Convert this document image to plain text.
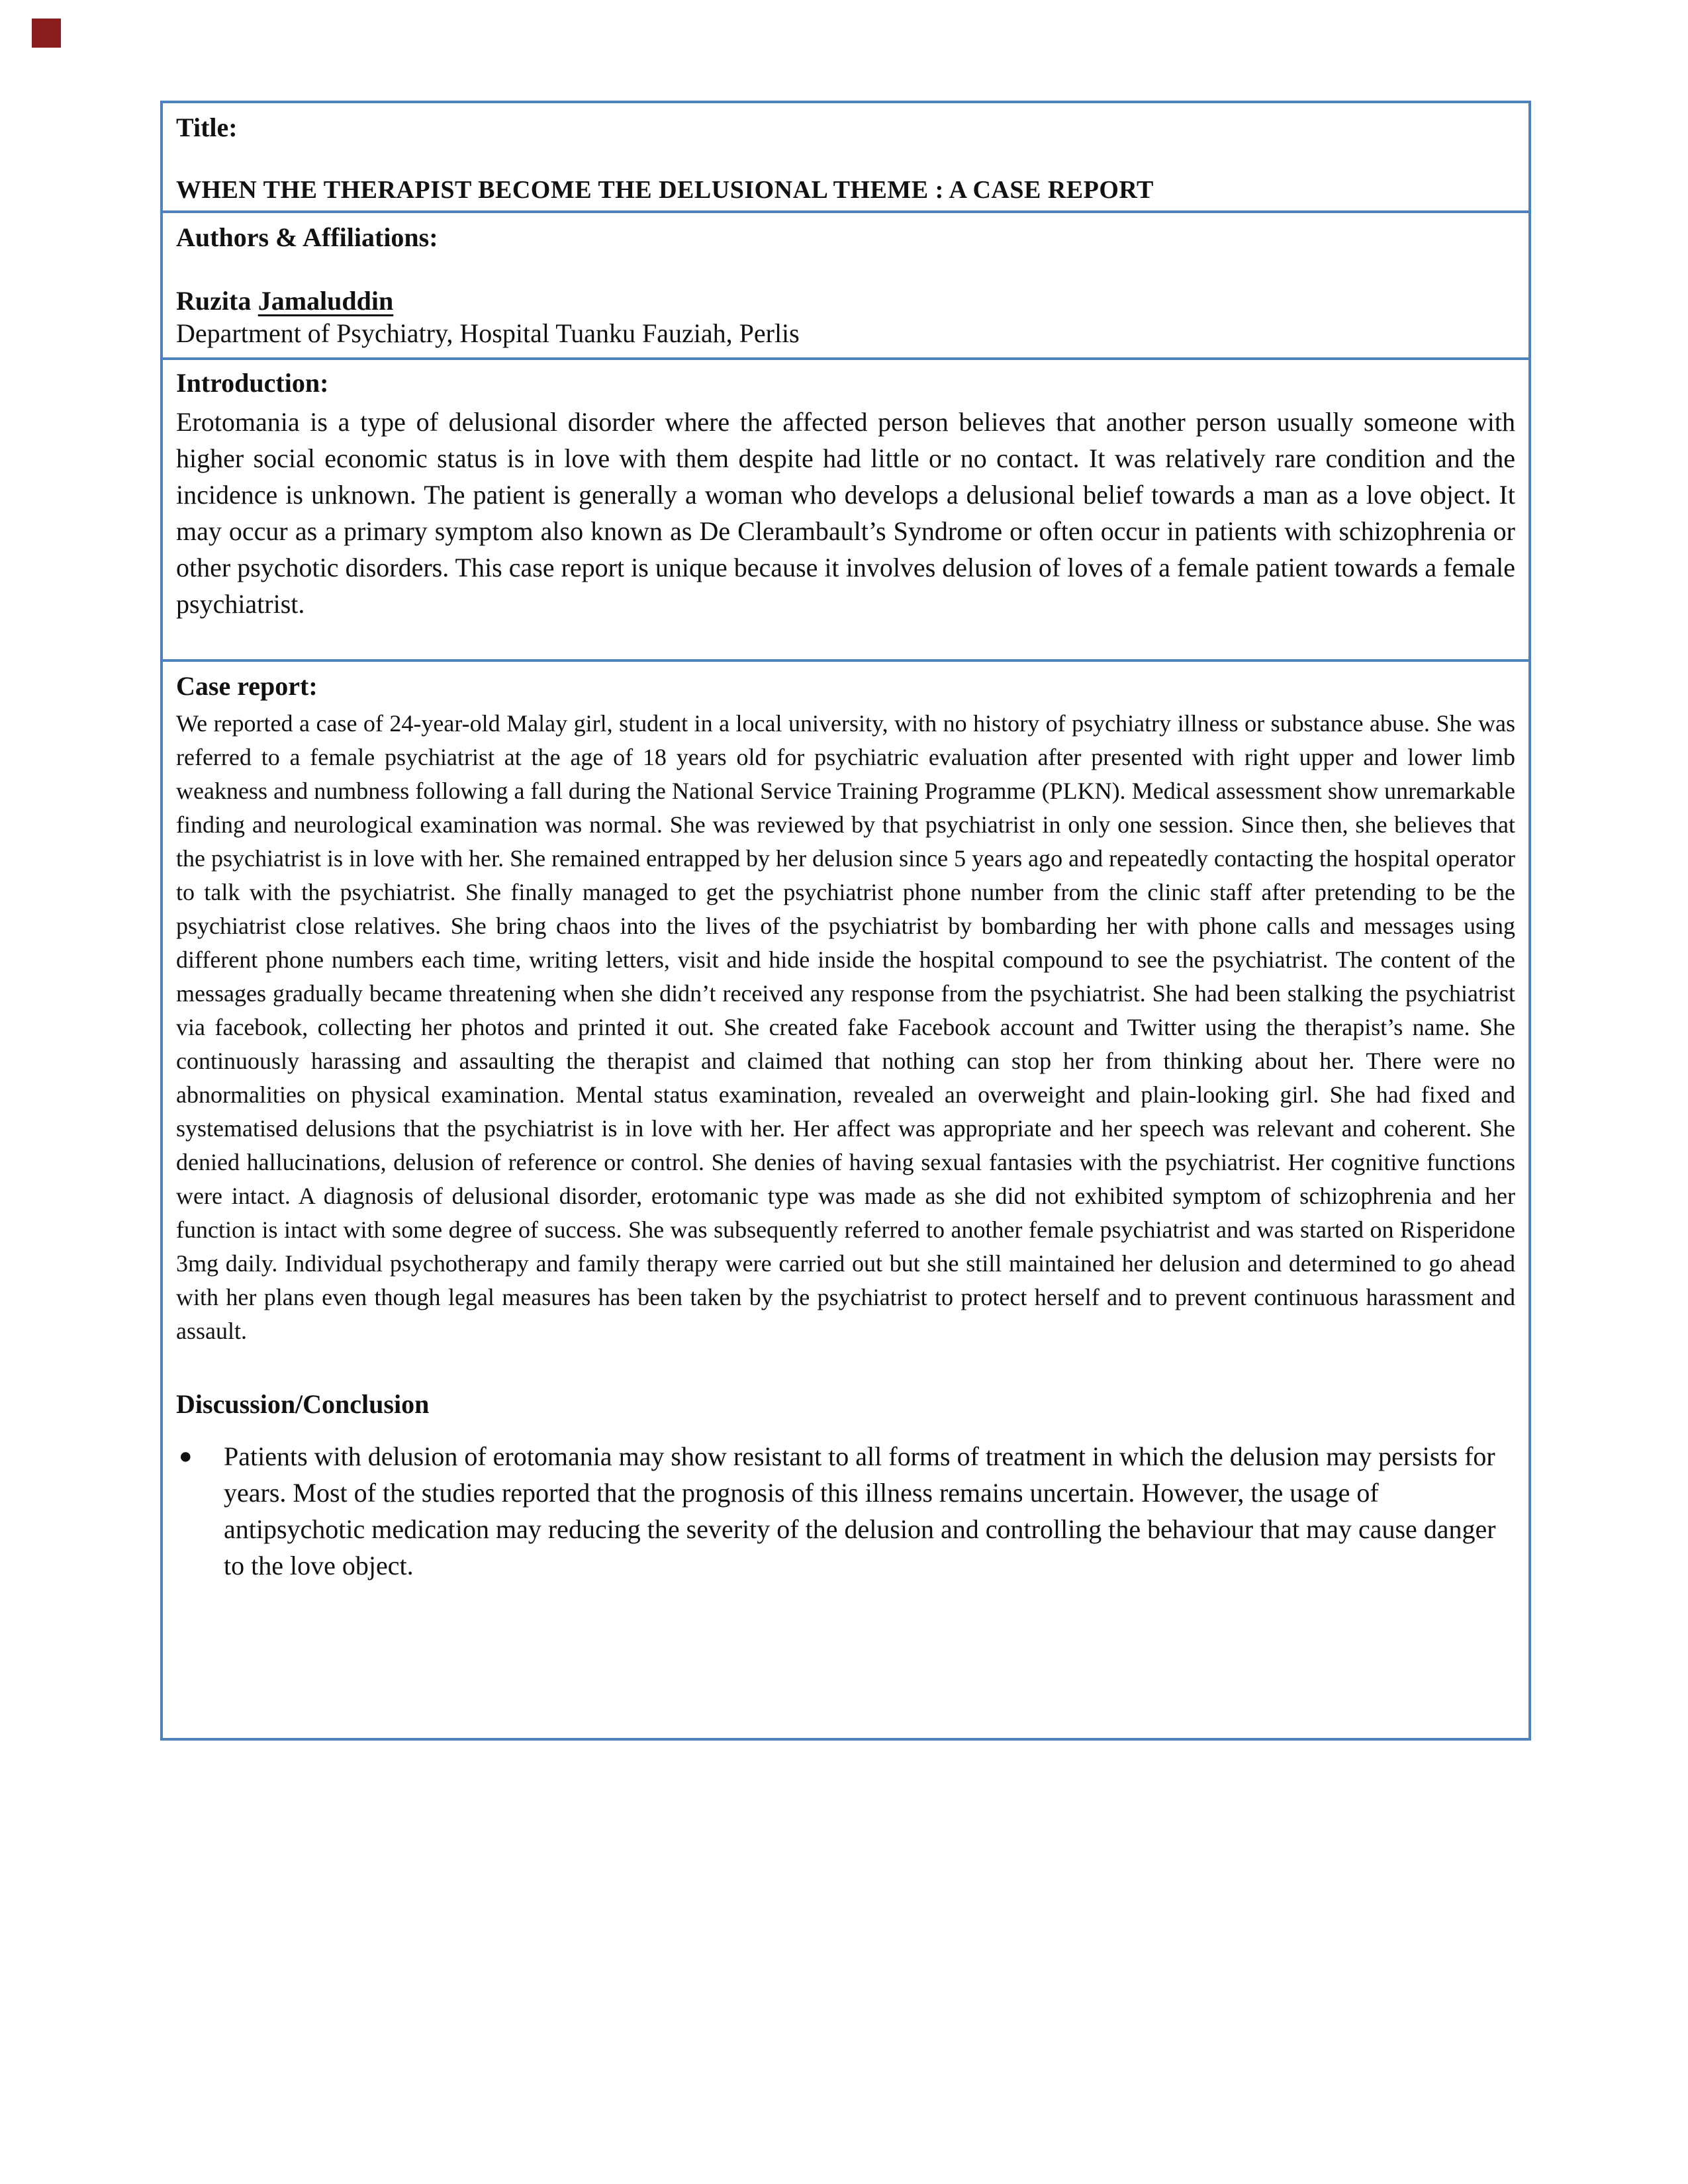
Title:
WHEN THE THERAPIST BECOME THE DELUSIONAL THEME : A CASE REPORT
Authors & Affiliations:
Ruzita Jamaluddin
Department of Psychiatry, Hospital Tuanku Fauziah, Perlis
Introduction:

Erotomania is a type of delusional disorder where the affected person believes that another person usually someone with higher social economic status is in love with them despite had little or no contact. It was relatively rare condition and the incidence is unknown. The patient is generally a woman who develops a delusional belief towards a man as a love object. It may occur as a primary symptom also known as De Clerambault’s Syndrome or often occur in patients with schizophrenia or other psychotic disorders. This case report is unique because it involves delusion of loves of a female patient towards a female psychiatrist.

Case report:

We reported a case of 24-year-old Malay girl, student in a local university, with no history of psychiatry illness or substance abuse. She was referred to a female psychiatrist at the age of 18 years old for psychiatric evaluation after presented with right upper and lower limb weakness and numbness following a fall during the National Service Training Programme (PLKN). Medical assessment show unremarkable finding and neurological examination was normal. She was reviewed by that psychiatrist in only one session. Since then, she believes that the psychiatrist is in love with her. She remained entrapped by her delusion since 5 years ago and repeatedly contacting the hospital operator to talk with the psychiatrist. She finally managed to get the psychiatrist phone number from the clinic staff after pretending to be the psychiatrist close relatives. She bring chaos into the lives of the psychiatrist by bombarding her with phone calls and messages using different phone numbers each time, writing letters, visit and hide inside the hospital compound to see the psychiatrist. The content of the messages gradually became threatening when she didn’t received any response from the psychiatrist. She had been stalking the psychiatrist via facebook, collecting her photos and printed it out. She created fake Facebook account and Twitter using the therapist’s name. She continuously harassing and assaulting the therapist and claimed that nothing can stop her from thinking about her. There were no abnormalities on physical examination. Mental status examination, revealed an overweight and plain-looking girl. She had fixed and systematised delusions that the psychiatrist is in love with her. Her affect was appropriate and her speech was relevant and coherent. She denied hallucinations, delusion of reference or control. She denies of having sexual fantasies with the psychiatrist. Her cognitive functions were intact. A diagnosis of delusional disorder, erotomanic type was made as she did not exhibited symptom of schizophrenia and her function is intact with some degree of success. She was subsequently referred to another female psychiatrist and was started on Risperidone 3mg daily. Individual psychotherapy and family therapy were carried out but she still maintained her delusion and determined to go ahead with her plans even though legal measures has been taken by the psychiatrist to protect herself and to prevent continuous harassment and assault.

Discussion/Conclusion
●	Patients with delusion of erotomania may show resistant to all forms of treatment in which the delusion may persists for years. Most of the studies reported that the prognosis of this illness remains uncertain. However, the usage of antipsychotic medication may reducing the severity of the delusion and controlling the behaviour that may cause danger to the love object.
